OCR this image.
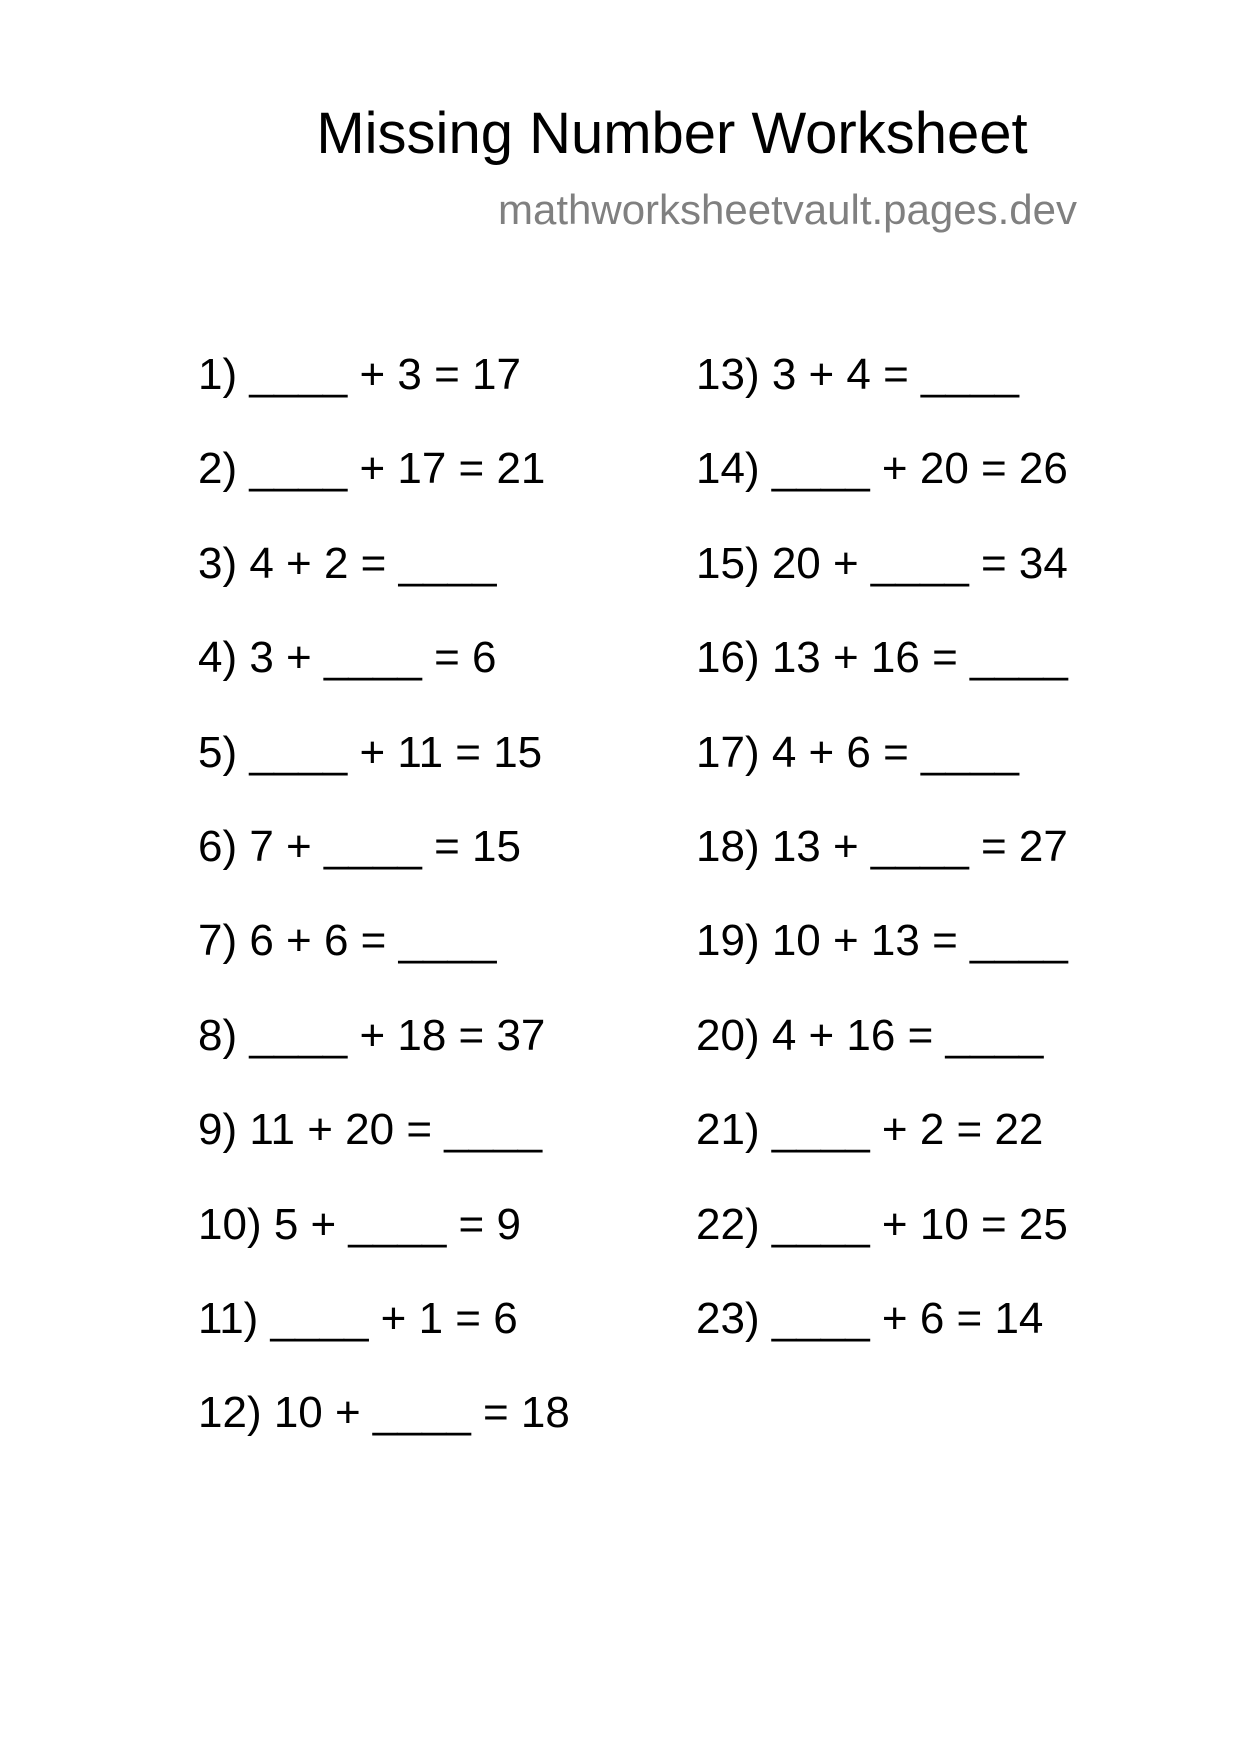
Missing Number Worksheet
mathworksheetvault.pages.dev
1) ____ + 3 = 17
2) ____ + 17 = 21
3) 4 + 2 = ____
4) 3 + ____ = 6
5) ____ + 11 = 15
6) 7 + ____ = 15
7) 6 + 6 = ____
8) ____ + 18 = 37
9) 11 + 20 = ____
10) 5 + ____ = 9
11) ____ + 1 = 6
12) 10 + ____ = 18
13) 3 + 4 = ____
14) ____ + 20 = 26
15) 20 + ____ = 34
16) 13 + 16 = ____
17) 4 + 6 = ____
18) 13 + ____ = 27
19) 10 + 13 = ____
20) 4 + 16 = ____
21) ____ + 2 = 22
22) ____ + 10 = 25
23) ____ + 6 = 14
